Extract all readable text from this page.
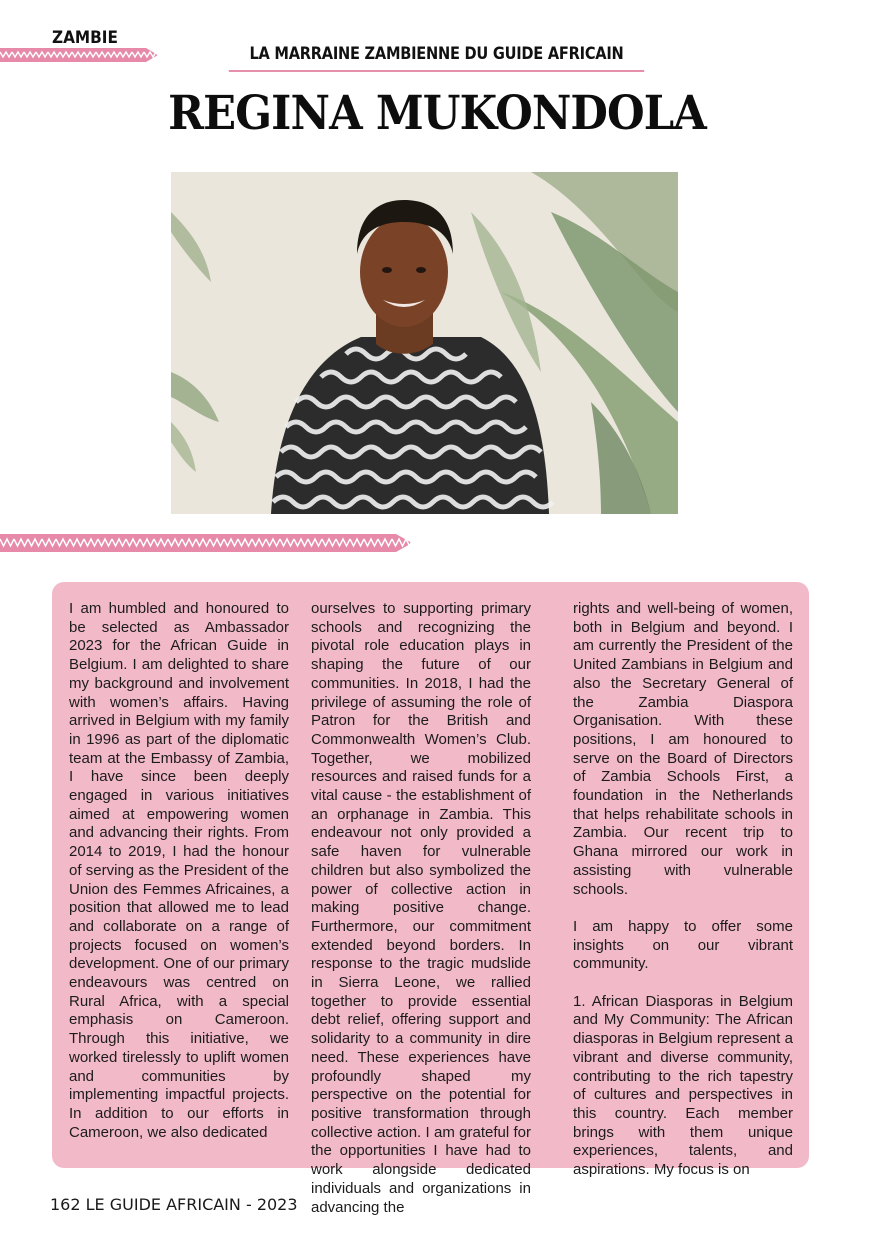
ZAMBIE
LA MARRAINE ZAMBIENNE DU GUIDE AFRICAIN
REGINA MUKONDOLA
I am humbled and honoured to be selected as Ambassador 2023 for the African Guide in Belgium. I am delighted to share my background and involvement with women’s affairs. Having arrived in Belgium with my family in 1996 as part of the diplomatic team at the Embassy of Zambia, I have since been deeply engaged in various initiatives aimed at empowering women and advancing their rights. From 2014 to 2019, I had the honour of serving as the President of the Union des Femmes Africaines, a position that allowed me to lead and collaborate on a range of projects focused on women’s development. One of our primary endeavours was centred on Rural Africa, with a special emphasis on Cameroon. Through this initiative, we worked tirelessly to uplift women and communities by implementing impactful projects. In addition to our efforts in Cameroon, we also dedicated
ourselves to supporting primary schools and recognizing the pivotal role education plays in shaping the future of our communities. In 2018, I had the privilege of assuming the role of Patron for the British and Commonwealth Women’s Club. Together, we mobilized resources and raised funds for a vital cause - the establishment of an orphanage in Zambia. This endeavour not only provided a safe haven for vulnerable children but also symbolized the power of collective action in making positive change. Furthermore, our commitment extended beyond borders. In response to the tragic mudslide in Sierra Leone, we rallied together to provide essential debt relief, offering support and solidarity to a community in dire need. These experiences have profoundly shaped my perspective on the potential for positive transformation through collective action. I am grateful for the opportunities I have had to work alongside dedicated individuals and organizations in advancing the
rights and well-being of women, both in Belgium and beyond. I am currently the President of the United Zambians in Belgium and also the Secretary General of the Zambia Diaspora Organisation. With these positions, I am honoured to serve on the Board of Directors of Zambia Schools First, a foundation in the Netherlands that helps rehabilitate schools in Zambia. Our recent trip to Ghana mirrored our work in assisting with vulnerable schools.

I am happy to offer some insights on our vibrant community.

1. African Diasporas in Belgium and My Community: The African diasporas in Belgium represent a vibrant and diverse community, contributing to the rich tapestry of cultures and perspectives in this country. Each member brings with them unique experiences, talents, and aspirations. My focus is on
162 LE GUIDE AFRICAIN - 2023
